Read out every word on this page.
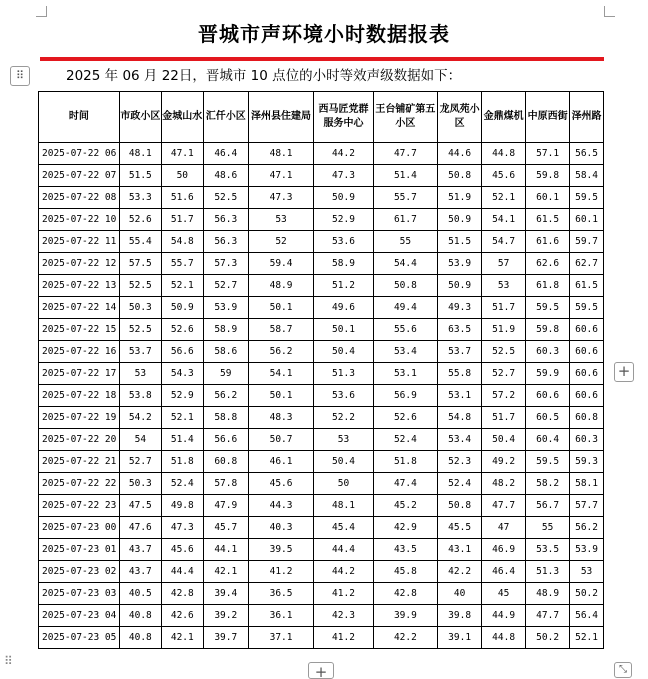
晋城市声环境小时数据报表
⠿	2025 年 06 月 22日，晋城市 10 点位的小时等效声级数据如下：
时间	市政小区	金城山水	汇仟小区	泽州县住建局	西马匠党群服务中心	王台铺矿第五小区	龙凤苑小区	金鼎煤机	中原西街	泽州路
2025-07-22 06	48.1	47.1	46.4	48.1	44.2	47.7	44.6	44.8	57.1	56.5
2025-07-22 07	51.5	50	48.6	47.1	47.3	51.4	50.8	45.6	59.8	58.4
2025-07-22 08	53.3	51.6	52.5	47.3	50.9	55.7	51.9	52.1	60.1	59.5
2025-07-22 10	52.6	51.7	56.3	53	52.9	61.7	50.9	54.1	61.5	60.1
2025-07-22 11	55.4	54.8	56.3	52	53.6	55	51.5	54.7	61.6	59.7
2025-07-22 12	57.5	55.7	57.3	59.4	58.9	54.4	53.9	57	62.6	62.7
2025-07-22 13	52.5	52.1	52.7	48.9	51.2	50.8	50.9	53	61.8	61.5
2025-07-22 14	50.3	50.9	53.9	50.1	49.6	49.4	49.3	51.7	59.5	59.5
2025-07-22 15	52.5	52.6	58.9	58.7	50.1	55.6	63.5	51.9	59.8	60.6
2025-07-22 16	53.7	56.6	58.6	56.2	50.4	53.4	53.7	52.5	60.3	60.6
2025-07-22 17	53	54.3	59	54.1	51.3	53.1	55.8	52.7	59.9	60.6
2025-07-22 18	53.8	52.9	56.2	50.1	53.6	56.9	53.1	57.2	60.6	60.6
2025-07-22 19	54.2	52.1	58.8	48.3	52.2	52.6	54.8	51.7	60.5	60.8
2025-07-22 20	54	51.4	56.6	50.7	53	52.4	53.4	50.4	60.4	60.3
2025-07-22 21	52.7	51.8	60.8	46.1	50.4	51.8	52.3	49.2	59.5	59.3
2025-07-22 22	50.3	52.4	57.8	45.6	50	47.4	52.4	48.2	58.2	58.1
2025-07-22 23	47.5	49.8	47.9	44.3	48.1	45.2	50.8	47.7	56.7	57.7
2025-07-23 00	47.6	47.3	45.7	40.3	45.4	42.9	45.5	47	55	56.2
2025-07-23 01	43.7	45.6	44.1	39.5	44.4	43.5	43.1	46.9	53.5	53.9
2025-07-23 02	43.7	44.4	42.1	41.2	44.2	45.8	42.2	46.4	51.3	53
2025-07-23 03	40.5	42.8	39.4	36.5	41.2	42.8	40	45	48.9	50.2
2025-07-23 04	40.8	42.6	39.2	36.1	42.3	39.9	39.8	44.9	47.7	56.4
2025-07-23 05	40.8	42.1	39.7	37.1	41.2	42.2	39.1	44.8	50.2	52.1
+
+
⠿
⤡
